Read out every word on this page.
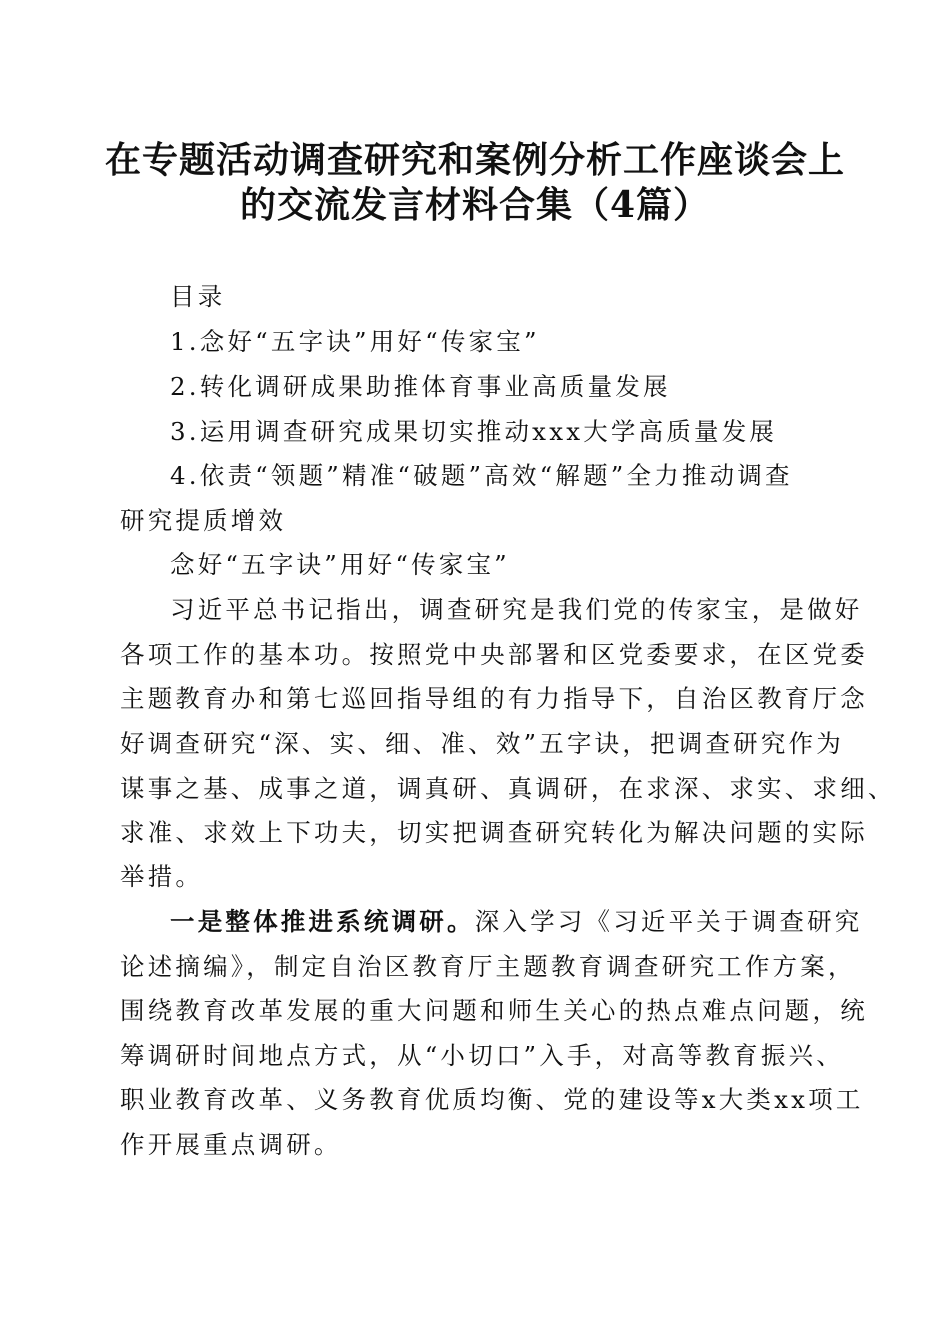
在专题活动调查研究和案例分析工作座谈会上
的交流发言材料合集（4篇）
目录
1.念好“五字诀”用好“传家宝”
2.转化调研成果助推体育事业高质量发展
3.运用调查研究成果切实推动xxx大学高质量发展
4.依责“领题”精准“破题”高效“解题”全力推动调查
研究提质增效
念好“五字诀”用好“传家宝”
习近平总书记指出，调查研究是我们党的传家宝，是做好
各项工作的基本功。按照党中央部署和区党委要求，在区党委
主题教育办和第七巡回指导组的有力指导下，自治区教育厅念
好调查研究“深、实、细、准、效”五字诀，把调查研究作为
谋事之基、成事之道，调真研、真调研，在求深、求实、求细、
求准、求效上下功夫，切实把调查研究转化为解决问题的实际
举措。
一是整体推进系统调研。深入学习《习近平关于调查研究
论述摘编》，制定自治区教育厅主题教育调查研究工作方案，
围绕教育改革发展的重大问题和师生关心的热点难点问题，统
筹调研时间地点方式，从“小切口”入手，对高等教育振兴、
职业教育改革、义务教育优质均衡、党的建设等x大类xx项工
作开展重点调研。
